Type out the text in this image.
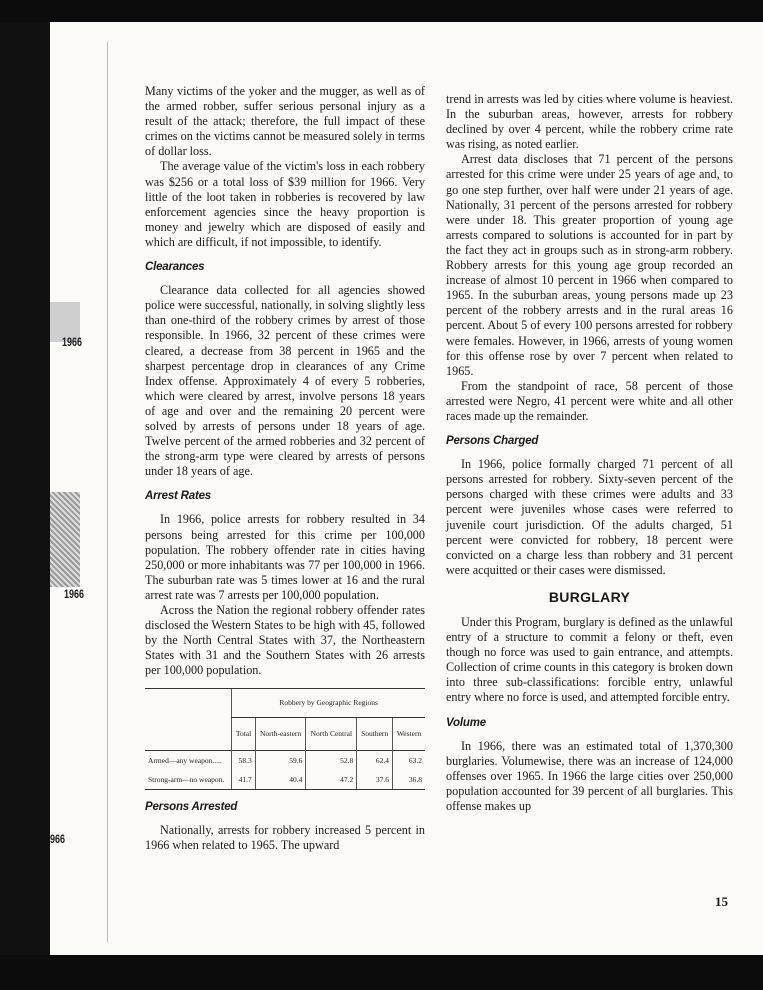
1966
1966
966

Many victims of the yoker and the mugger, as well as of the armed robber, suffer serious personal injury as a result of the attack; therefore, the full impact of these crimes on the victims cannot be measured solely in terms of dollar loss.

The average value of the victim's loss in each robbery was $256 or a total loss of $39 million for 1966. Very little of the loot taken in robberies is recovered by law enforcement agencies since the heavy proportion is money and jewelry which are disposed of easily and which are difficult, if not impossible, to identify.

Clearances

Clearance data collected for all agencies showed police were successful, nationally, in solving slightly less than one-third of the robbery crimes by arrest of those responsible. In 1966, 32 percent of these crimes were cleared, a decrease from 38 percent in 1965 and the sharpest percentage drop in clearances of any Crime Index offense. Approximately 4 of every 5 robberies, which were cleared by arrest, involve persons 18 years of age and over and the remaining 20 percent were solved by arrests of persons under 18 years of age. Twelve percent of the armed robberies and 32 percent of the strong-arm type were cleared by arrests of persons under 18 years of age.

Arrest Rates

In 1966, police arrests for robbery resulted in 34 persons being arrested for this crime per 100,000 population. The robbery offender rate in cities having 250,000 or more inhabitants was 77 per 100,000 in 1966. The suburban rate was 5 times lower at 16 and the rural arrest rate was 7 arrests per 100,000 population.

Across the Nation the regional robbery offender rates disclosed the Western States to be high with 45, followed by the North Central States with 37, the Northeastern States with 31 and the Southern States with 26 arrests per 100,000 population.

	Robbery by Geographic Regions				
	Total	North-eastern	North Central	Southern	Western
Armed—any weapon.....	58.3	59.6	52.8	62.4	63.2
Strong-arm—no weapon.	41.7	40.4	47.2	37.6	36.8
Persons Arrested

Nationally, arrests for robbery increased 5 percent in 1966 when related to 1965. The upward

trend in arrests was led by cities where volume is heaviest. In the suburban areas, however, arrests for robbery declined by over 4 percent, while the robbery crime rate was rising, as noted earlier.

Arrest data discloses that 71 percent of the persons arrested for this crime were under 25 years of age and, to go one step further, over half were under 21 years of age. Nationally, 31 percent of the persons arrested for robbery were under 18. This greater proportion of young age arrests compared to solutions is accounted for in part by the fact they act in groups such as in strong-arm robbery. Robbery arrests for this young age group recorded an increase of almost 10 percent in 1966 when compared to 1965. In the suburban areas, young persons made up 23 percent of the robbery arrests and in the rural areas 16 percent. About 5 of every 100 persons arrested for robbery were females. However, in 1966, arrests of young women for this offense rose by over 7 percent when related to 1965.

From the standpoint of race, 58 percent of those arrested were Negro, 41 percent were white and all other races made up the remainder.

Persons Charged

In 1966, police formally charged 71 percent of all persons arrested for robbery. Sixty-seven percent of the persons charged with these crimes were adults and 33 percent were juveniles whose cases were referred to juvenile court jurisdiction. Of the adults charged, 51 percent were convicted for robbery, 18 percent were convicted on a charge less than robbery and 31 percent were acquitted or their cases were dismissed.

BURGLARY

Under this Program, burglary is defined as the unlawful entry of a structure to commit a felony or theft, even though no force was used to gain entrance, and attempts. Collection of crime counts in this category is broken down into three sub-classifications: forcible entry, unlawful entry where no force is used, and attempted forcible entry.

Volume

In 1966, there was an estimated total of 1,370,300 burglaries. Volumewise, there was an increase of 124,000 offenses over 1965. In 1966 the large cities over 250,000 population accounted for 39 percent of all burglaries. This offense makes up

15
